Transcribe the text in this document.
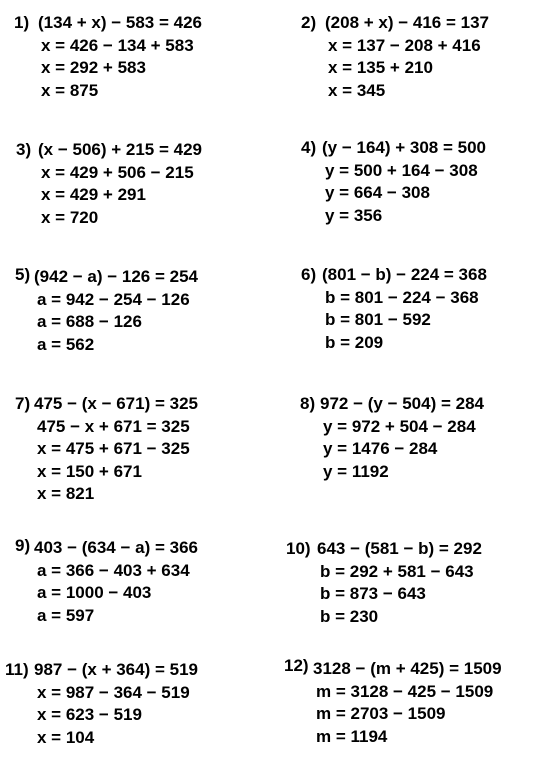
1) (134 + x) − 583 = 426
x = 426 − 134 + 583
x = 292 + 583
x = 875
2) (208 + x) − 416 = 137
x = 137 − 208 + 416
x = 135 + 210
x = 345
3) (x − 506) + 215 = 429
x = 429 + 506 − 215
x = 429 + 291
x = 720
4) (y − 164) + 308 = 500
y = 500 + 164 − 308
y = 664 − 308
y = 356
5) (942 − a) − 126 = 254
a = 942 − 254 − 126
a = 688 − 126
a = 562
6) (801 − b) − 224 = 368
b = 801 − 224 − 368
b = 801 − 592
b = 209
7) 475 − (x − 671) = 325
475 − x + 671 = 325
x = 475 + 671 − 325
x = 150 + 671
x = 821
8) 972 − (y − 504) = 284
y = 972 + 504 − 284
y = 1476 − 284
y = 1192
9) 403 − (634 − a) = 366
a = 366 − 403 + 634
a = 1000 − 403
a = 597
10) 643 − (581 − b) = 292
b = 292 + 581 − 643
b = 873 − 643
b = 230
11) 987 − (x + 364) = 519
x = 987 − 364 − 519
x = 623 − 519
x = 104
12) 3128 − (m + 425) = 1509
m = 3128 − 425 − 1509
m = 2703 − 1509
m = 1194
